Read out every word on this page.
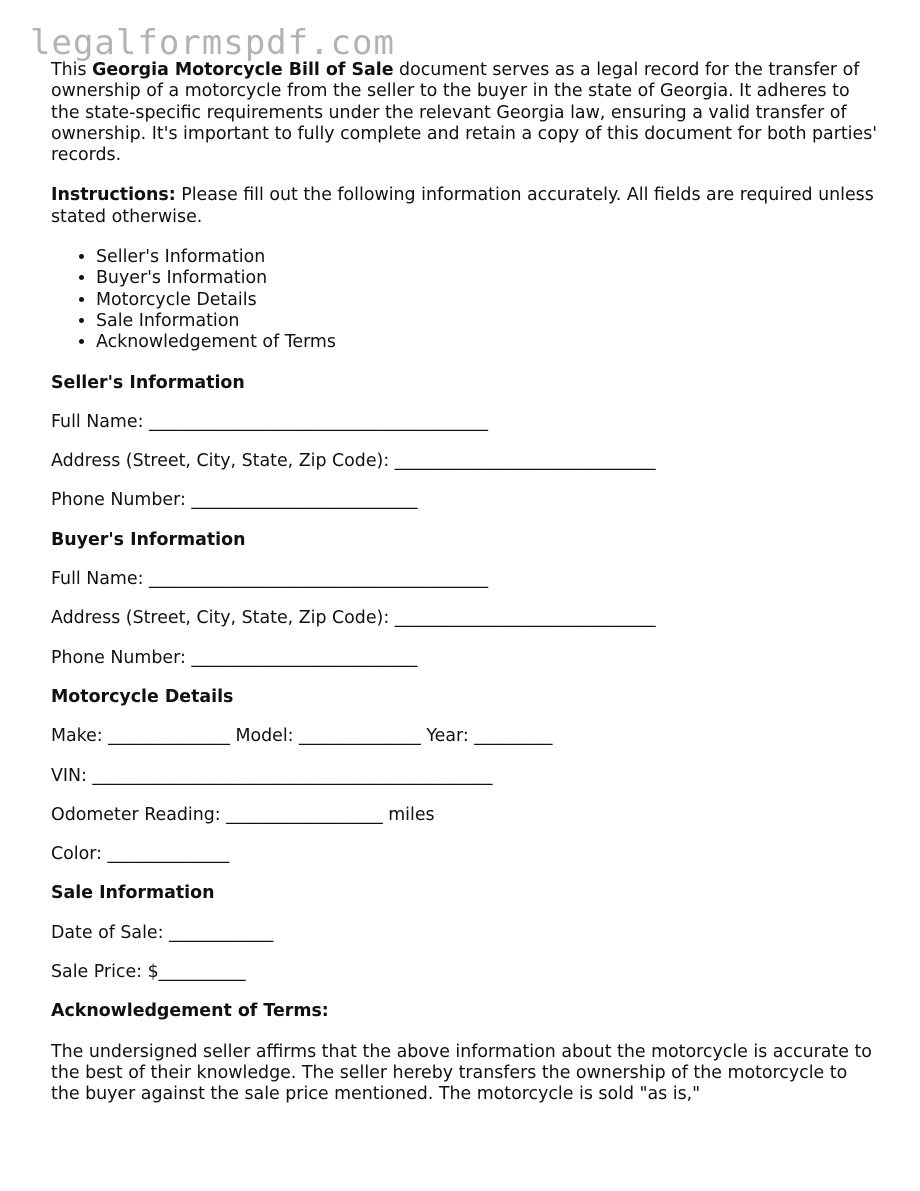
legalformspdf.com

This Georgia Motorcycle Bill of Sale document serves as a legal record for the transfer of ownership of a motorcycle from the seller to the buyer in the state of Georgia. It adheres to the state-specific requirements under the relevant Georgia law, ensuring a valid transfer of ownership. It's important to fully complete and retain a copy of this document for both parties' records.

Instructions: Please fill out the following information accurately. All fields are required unless stated otherwise.

• Seller's Information
• Buyer's Information
• Motorcycle Details
• Sale Information
• Acknowledgement of Terms
Seller's Information

Full Name: _______________________________________

Address (Street, City, State, Zip Code): ______________________________

Phone Number: __________________________

Buyer's Information

Full Name: _______________________________________

Address (Street, City, State, Zip Code): ______________________________

Phone Number: __________________________

Motorcycle Details

Make: ______________ Model: ______________ Year: _________

VIN: ______________________________________________

Odometer Reading: __________________ miles

Color: ______________

Sale Information

Date of Sale: ____________

Sale Price: $__________

Acknowledgement of Terms:

The undersigned seller affirms that the above information about the motorcycle is accurate to the best of their knowledge. The seller hereby transfers the ownership of the motorcycle to the buyer against the sale price mentioned. The motorcycle is sold "as is,"
